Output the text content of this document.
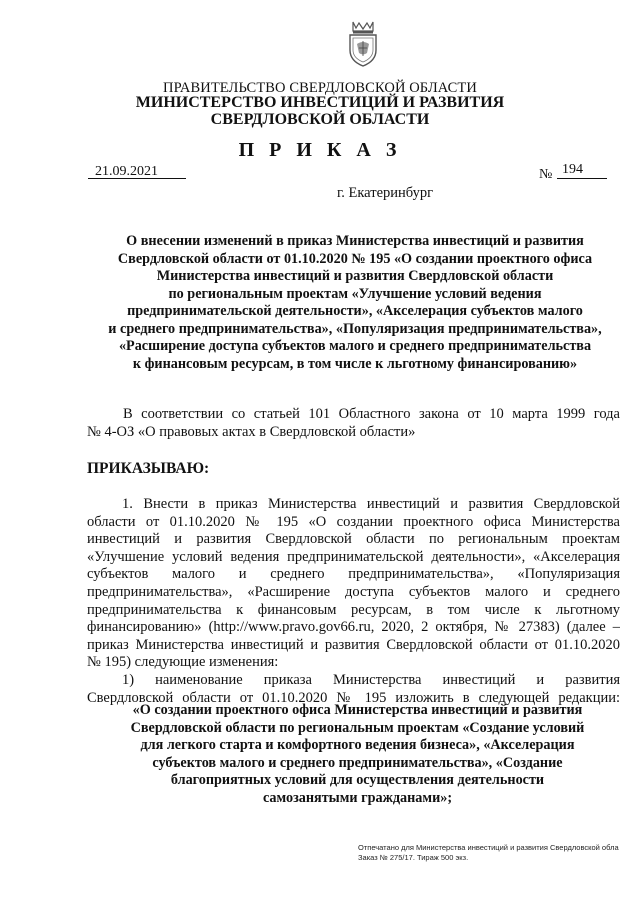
ПРАВИТЕЛЬСТВО СВЕРДЛОВСКОЙ ОБЛАСТИ
МИНИСТЕРСТВО ИНВЕСТИЦИЙ И РАЗВИТИЯ
СВЕРДЛОВСКОЙ ОБЛАСТИ
П Р И К А З
21.09.2021	№ 194
г. Екатеринбург
О внесении изменений в приказ Министерства инвестиций и развития
Свердловской области от 01.10.2020 № 195 «О создании проектного офиса
Министерства инвестиций и развития Свердловской области
по региональным проектам «Улучшение условий ведения
предпринимательской деятельности», «Акселерация субъектов малого
и среднего предпринимательства», «Популяризация предпринимательства»,
«Расширение доступа субъектов малого и среднего предпринимательства
к финансовым ресурсам, в том числе к льготному финансированию»
В соответствии со статьей 101 Областного закона от 10 марта 1999 года
№ 4-ОЗ «О правовых актах в Свердловской области»
ПРИКАЗЫВАЮ:
1. Внести в приказ Министерства инвестиций и развития Свердловской
области от 01.10.2020 № 195 «О создании проектного офиса Министерства
инвестиций и развития Свердловской области по региональным проектам
«Улучшение условий ведения предпринимательской деятельности», «Акселерация
субъектов малого и среднего предпринимательства», «Популяризация
предпринимательства», «Расширение доступа субъектов малого и среднего
предпринимательства к финансовым ресурсам, в том числе к льготному
финансированию» (http://www.pravo.gov66.ru, 2020, 2 октября, № 27383) (далее –
приказ Министерства инвестиций и развития Свердловской области от 01.10.2020
№ 195) следующие изменения:
1) наименование приказа Министерства инвестиций и развития
Свердловской области от 01.10.2020 № 195 изложить в следующей редакции:
«О создании проектного офиса Министерства инвестиций и развития
Свердловской области по региональным проектам «Создание условий
для легкого старта и комфортного ведения бизнеса», «Акселерация
субъектов малого и среднего предпринимательства», «Создание
благоприятных условий для осуществления деятельности
самозанятыми гражданами»;
Отпечатано для Министерства инвестиций и развития Свердловской обла
Заказ № 275/17. Тираж 500 экз.
